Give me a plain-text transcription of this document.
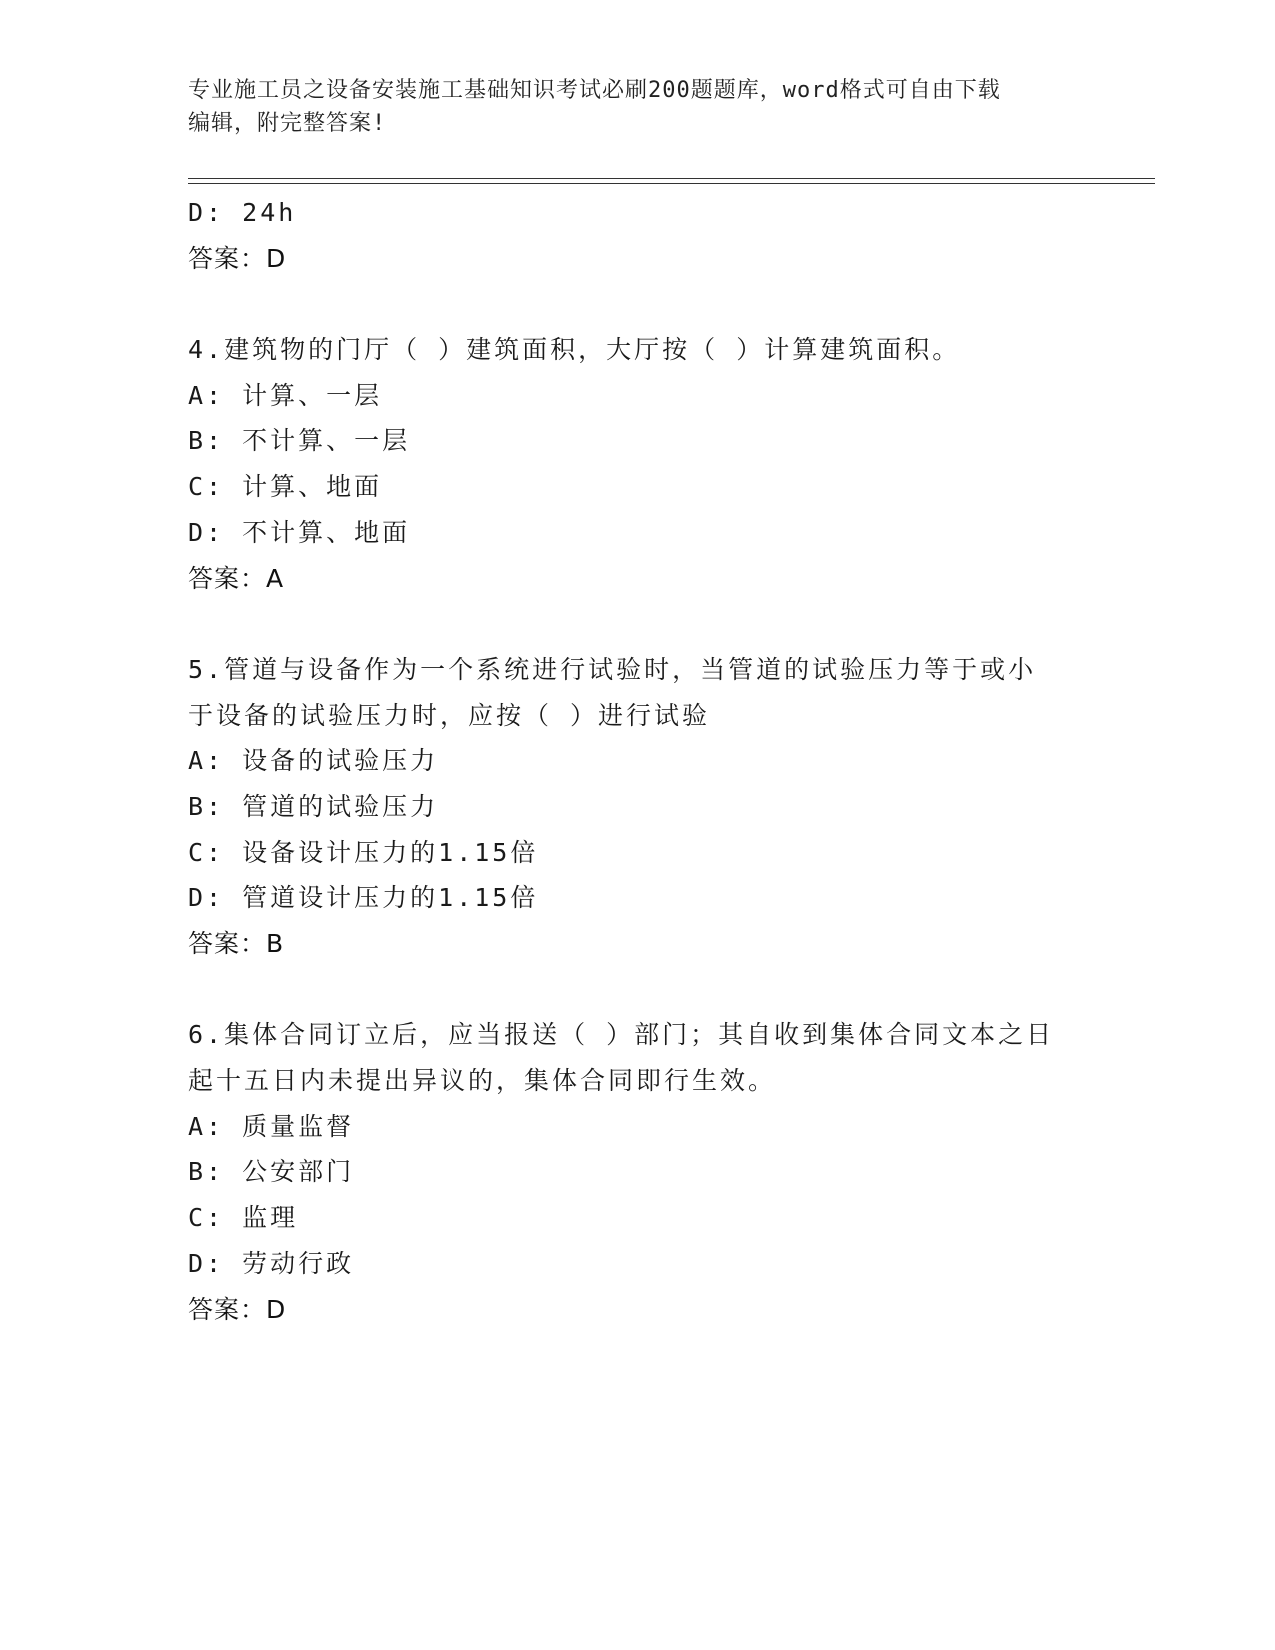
专业施工员之设备安装施工基础知识考试必刷200题题库，word格式可自由下载
编辑，附完整答案!
D: 24h
答案：D
4.建筑物的门厅（ ）建筑面积，大厅按（ ）计算建筑面积。
A: 计算、一层
B: 不计算、一层
C: 计算、地面
D: 不计算、地面
答案：A
5.管道与设备作为一个系统进行试验时，当管道的试验压力等于或小
于设备的试验压力时，应按（ ）进行试验
A: 设备的试验压力
B: 管道的试验压力
C: 设备设计压力的1.15倍
D: 管道设计压力的1.15倍
答案：B
6.集体合同订立后，应当报送（ ）部门；其自收到集体合同文本之日
起十五日内未提出异议的，集体合同即行生效。
A: 质量监督
B: 公安部门
C: 监理
D: 劳动行政
答案：D
